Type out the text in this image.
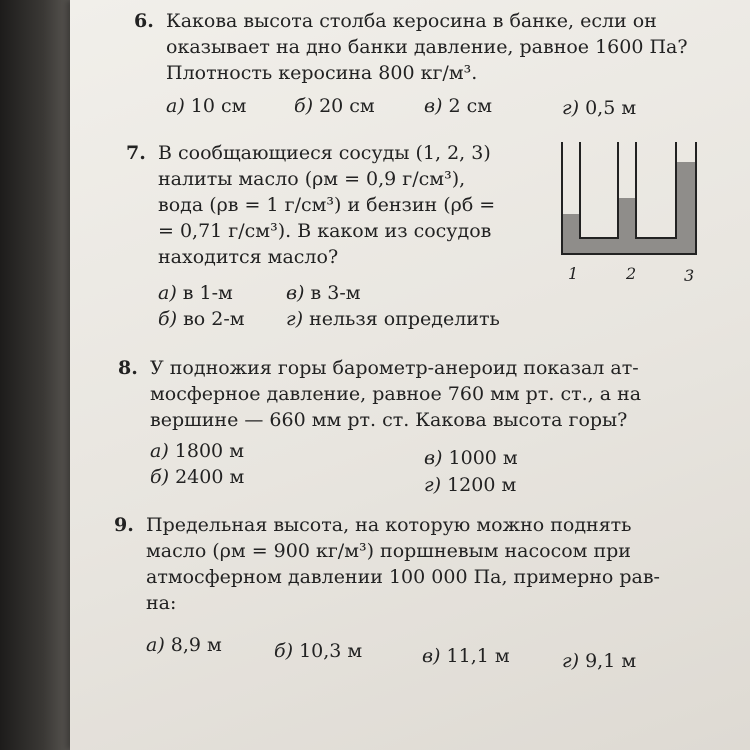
6. Какова высота столба керосина в банке, если он

оказывает на дно банки давление, равное 1600 Па?

Плотность керосина 800 кг/м³.

а) 10 см	б) 20 см	в) 2 см	г) 0,5 м
7. В сообщающиеся сосуды (1, 2, 3)

налиты масло (ρм = 0,9 г/см³),

вода (ρв = 1 г/см³) и бензин (ρб =

= 0,71 г/см³). В каком из сосудов

находится масло?

а) в 1-м	в) в 3-м
б) во 2-м г) нельзя определить
1	2	3
8. У подножия горы барометр-анероид показал ат-

мосферное давление, равное 760 мм рт. ст., а на

вершине — 660 мм рт. ст. Какова высота горы?

а) 1800 м	в) 1000 м
б) 2400 м	г) 1200 м
9. Предельная высота, на которую можно поднять

масло (ρм = 900 кг/м³) поршневым насосом при

атмосферном давлении 100 000 Па, примерно рав-

на:

а) 8,9 м	б) 10,3 м	в) 11,1 м	г) 9,1 м
